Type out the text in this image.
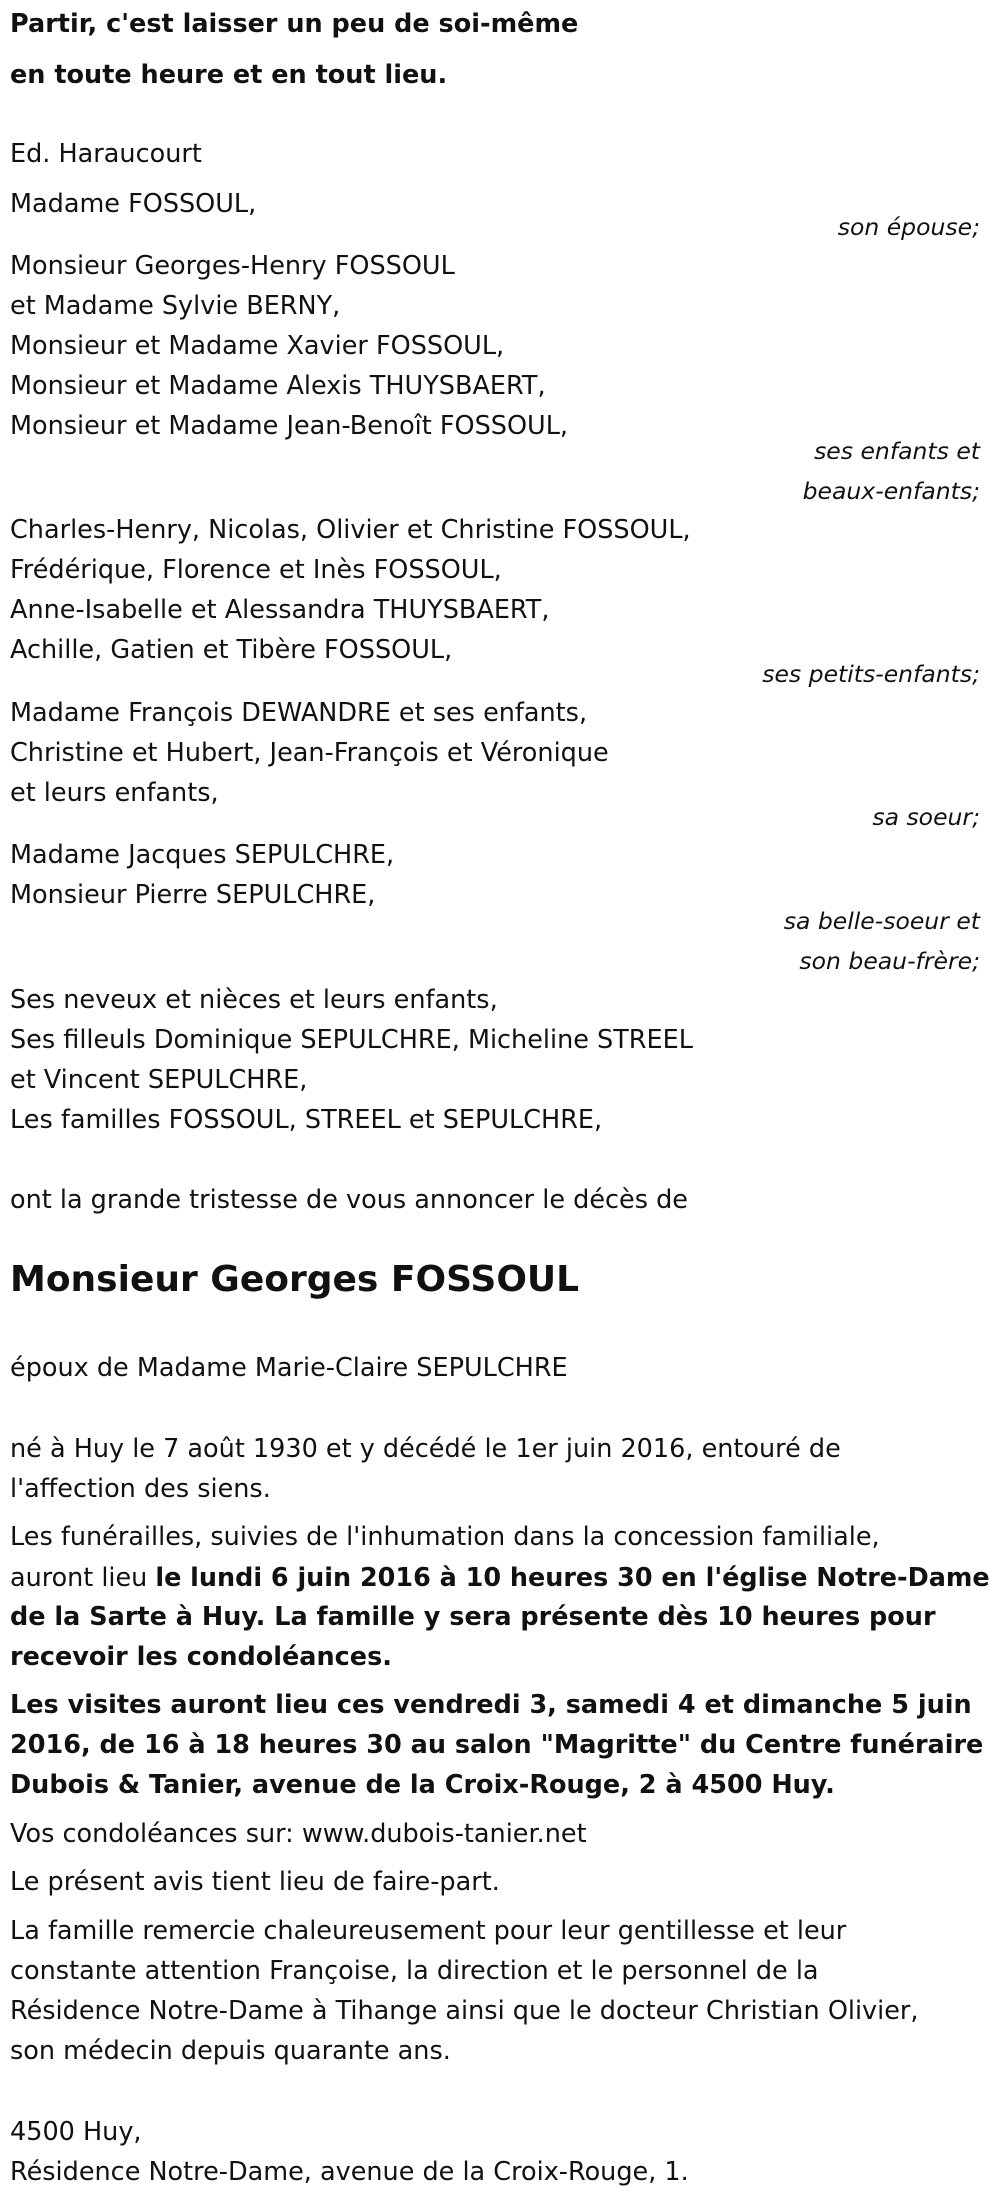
Partir, c'est laisser un peu de soi-même
en toute heure et en tout lieu.
Ed. Haraucourt
Madame FOSSOUL,
son épouse;
Monsieur Georges-Henry FOSSOUL
et Madame Sylvie BERNY,
Monsieur et Madame Xavier FOSSOUL,
Monsieur et Madame Alexis THUYSBAERT,
Monsieur et Madame Jean-Benoît FOSSOUL,
ses enfants et
beaux-enfants;
Charles-Henry, Nicolas, Olivier et Christine FOSSOUL,
Frédérique, Florence et Inès FOSSOUL,
Anne-Isabelle et Alessandra THUYSBAERT,
Achille, Gatien et Tibère FOSSOUL,
ses petits-enfants;
Madame François DEWANDRE et ses enfants,
Christine et Hubert, Jean-François et Véronique
et leurs enfants,
sa soeur;
Madame Jacques SEPULCHRE,
Monsieur Pierre SEPULCHRE,
sa belle-soeur et
son beau-frère;
Ses neveux et nièces et leurs enfants,
Ses filleuls Dominique SEPULCHRE, Micheline STREEL
et Vincent SEPULCHRE,
Les familles FOSSOUL, STREEL et SEPULCHRE,
ont la grande tristesse de vous annoncer le décès de
Monsieur Georges FOSSOUL
époux de Madame Marie-Claire SEPULCHRE
né à Huy le 7 août 1930 et y décédé le 1er juin 2016, entouré de
l'affection des siens.
Les funérailles, suivies de l'inhumation dans la concession familiale,
auront lieu le lundi 6 juin 2016 à 10 heures 30 en l'église Notre-Dame
de la Sarte à Huy. La famille y sera présente dès 10 heures pour
recevoir les condoléances.
Les visites auront lieu ces vendredi 3, samedi 4 et dimanche 5 juin
2016, de 16 à 18 heures 30 au salon "Magritte" du Centre funéraire
Dubois & Tanier, avenue de la Croix-Rouge, 2 à 4500 Huy.
Vos condoléances sur: www.dubois-tanier.net
Le présent avis tient lieu de faire-part.
La famille remercie chaleureusement pour leur gentillesse et leur
constante attention Françoise, la direction et le personnel de la
Résidence Notre-Dame à Tihange ainsi que le docteur Christian Olivier,
son médecin depuis quarante ans.
4500 Huy,
Résidence Notre-Dame, avenue de la Croix-Rouge, 1.
